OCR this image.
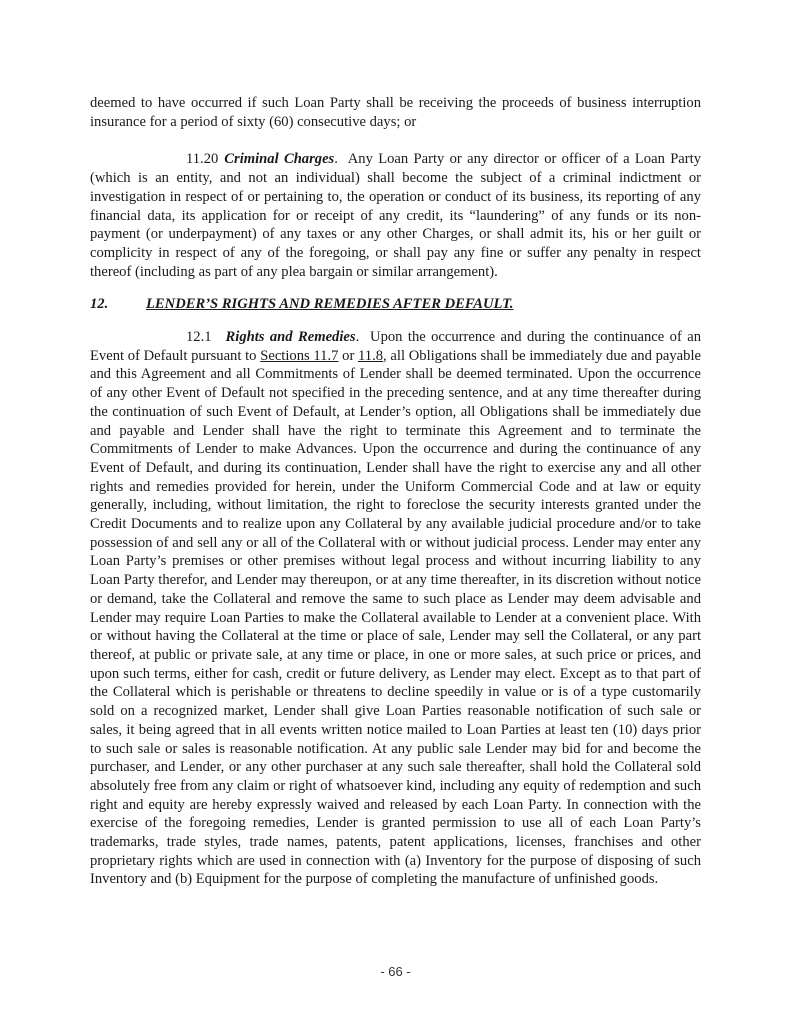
deemed to have occurred if such Loan Party shall be receiving the proceeds of business interruption insurance for a period of sixty (60) consecutive days; or

11.20 Criminal Charges. Any Loan Party or any director or officer of a Loan Party (which is an entity, and not an individual) shall become the subject of a criminal indictment or investigation in respect of or pertaining to, the operation or conduct of its business, its reporting of any financial data, its application for or receipt of any credit, its “laundering” of any funds or its non-payment (or underpayment) of any taxes or any other Charges, or shall admit its, his or her guilt or complicity in respect of any of the foregoing, or shall pay any fine or suffer any penalty in respect thereof (including as part of any plea bargain or similar arrangement).

12.	LENDER’S RIGHTS AND REMEDIES AFTER DEFAULT.

12.1 Rights and Remedies. Upon the occurrence and during the continuance of an Event of Default pursuant to Sections 11.7 or 11.8, all Obligations shall be immediately due and payable and this Agreement and all Commitments of Lender shall be deemed terminated. Upon the occurrence of any other Event of Default not specified in the preceding sentence, and at any time thereafter during the continuation of such Event of Default, at Lender’s option, all Obligations shall be immediately due and payable and Lender shall have the right to terminate this Agreement and to terminate the Commitments of Lender to make Advances. Upon the occurrence and during the continuance of any Event of Default, and during its continuation, Lender shall have the right to exercise any and all other rights and remedies provided for herein, under the Uniform Commercial Code and at law or equity generally, including, without limitation, the right to foreclose the security interests granted under the Credit Documents and to realize upon any Collateral by any available judicial procedure and/or to take possession of and sell any or all of the Collateral with or without judicial process. Lender may enter any Loan Party’s premises or other premises without legal process and without incurring liability to any Loan Party therefor, and Lender may thereupon, or at any time thereafter, in its discretion without notice or demand, take the Collateral and remove the same to such place as Lender may deem advisable and Lender may require Loan Parties to make the Collateral available to Lender at a convenient place. With or without having the Collateral at the time or place of sale, Lender may sell the Collateral, or any part thereof, at public or private sale, at any time or place, in one or more sales, at such price or prices, and upon such terms, either for cash, credit or future delivery, as Lender may elect. Except as to that part of the Collateral which is perishable or threatens to decline speedily in value or is of a type customarily sold on a recognized market, Lender shall give Loan Parties reasonable notification of such sale or sales, it being agreed that in all events written notice mailed to Loan Parties at least ten (10) days prior to such sale or sales is reasonable notification. At any public sale Lender may bid for and become the purchaser, and Lender, or any other purchaser at any such sale thereafter, shall hold the Collateral sold absolutely free from any claim or right of whatsoever kind, including any equity of redemption and such right and equity are hereby expressly waived and released by each Loan Party. In connection with the exercise of the foregoing remedies, Lender is granted permission to use all of each Loan Party’s trademarks, trade styles, trade names, patents, patent applications, licenses, franchises and other proprietary rights which are used in connection with (a) Inventory for the purpose of disposing of such Inventory and (b) Equipment for the purpose of completing the manufacture of unfinished goods.

- 66 -
